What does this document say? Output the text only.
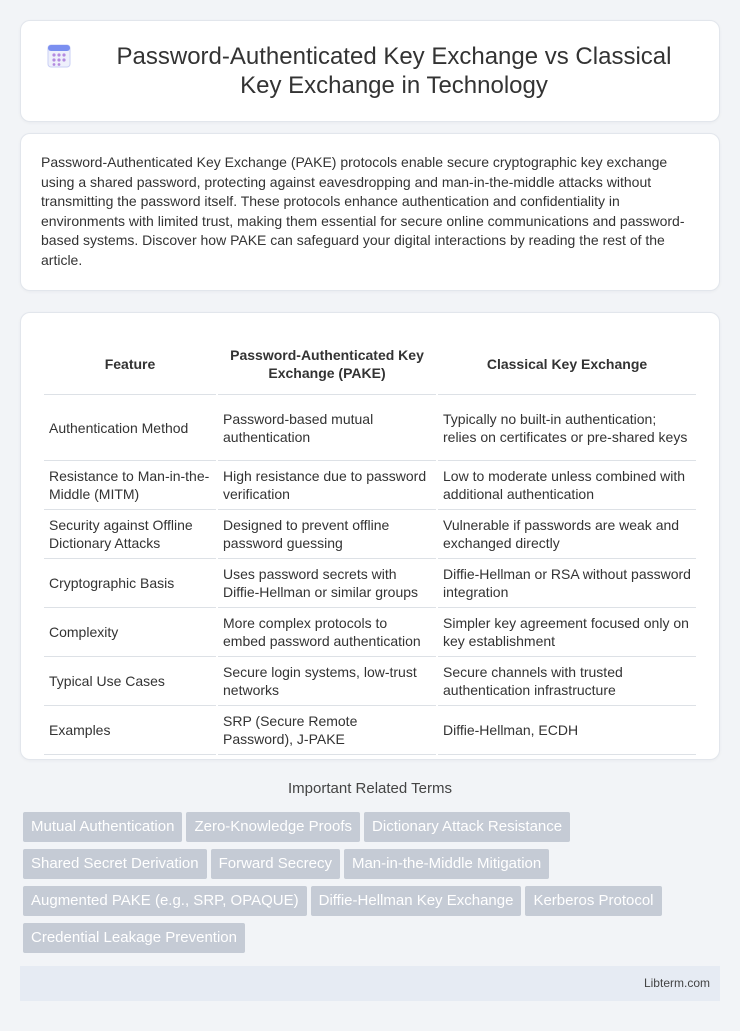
Password-Authenticated Key Exchange vs Classical Key Exchange in Technology

Password-Authenticated Key Exchange (PAKE) protocols enable secure cryptographic key exchange using a shared password, protecting against eavesdropping and man-in-the-middle attacks without transmitting the password itself. These protocols enhance authentication and confidentiality in environments with limited trust, making them essential for secure online communications and password-based systems. Discover how PAKE can safeguard your digital interactions by reading the rest of the article.

Feature	Password-Authenticated Key Exchange (PAKE)	Classical Key Exchange
Authentication Method	Password-based mutual authentication	Typically no built-in authentication; relies on certificates or pre-shared keys
Resistance to Man-in-the-Middle (MITM)	High resistance due to password verification	Low to moderate unless combined with additional authentication
Security against Offline Dictionary Attacks	Designed to prevent offline password guessing	Vulnerable if passwords are weak and exchanged directly
Cryptographic Basis	Uses password secrets with Diffie-Hellman or similar groups	Diffie-Hellman or RSA without password integration
Complexity	More complex protocols to embed password authentication	Simpler key agreement focused only on key establishment
Typical Use Cases	Secure login systems, low-trust networks	Secure channels with trusted authentication infrastructure
Examples	SRP (Secure Remote Password), J-PAKE	Diffie-Hellman, ECDH
Important Related Terms
Mutual Authentication Zero-Knowledge Proofs Dictionary Attack Resistance
Shared Secret Derivation Forward Secrecy Man-in-the-Middle Mitigation
Augmented PAKE (e.g., SRP, OPAQUE) Diffie-Hellman Key Exchange Kerberos Protocol
Credential Leakage Prevention
Libterm.com
